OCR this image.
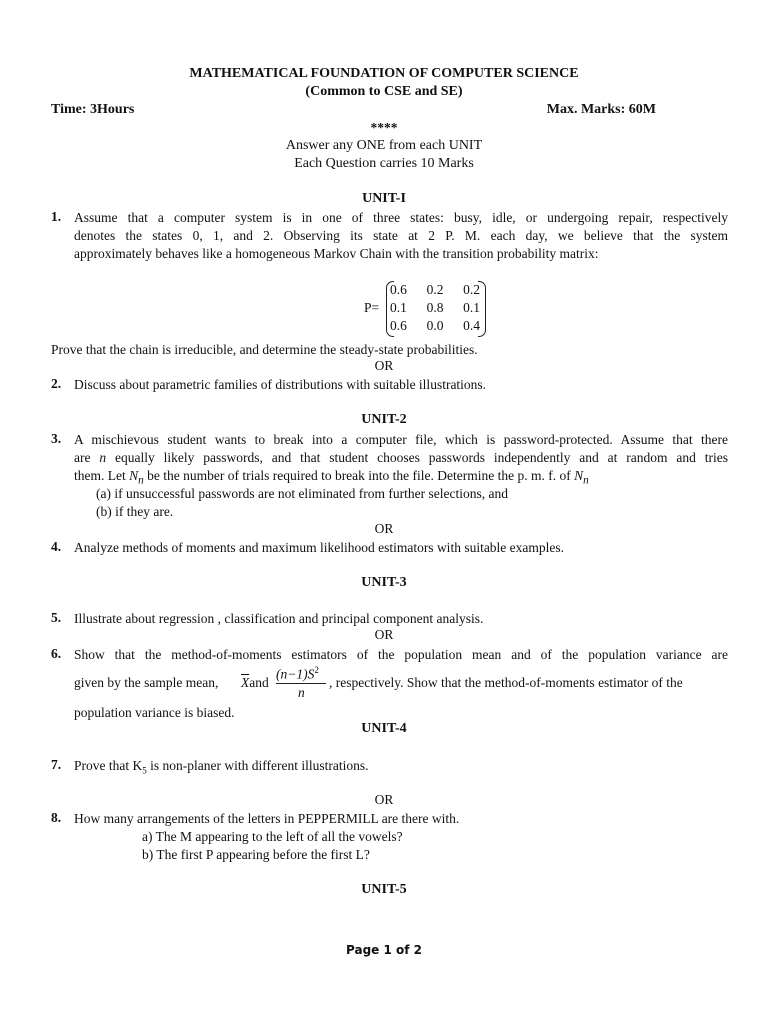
MATHEMATICAL FOUNDATION OF COMPUTER SCIENCE
(Common to CSE and SE)
Time: 3Hours	Max. Marks: 60M
****
Answer any ONE from each UNIT
Each Question carries 10 Marks
UNIT-I
1. Assume that a computer system is in one of three states: busy, idle, or undergoing repair, respectively
denotes the states 0, 1, and 2. Observing its state at 2 P. M. each day, we believe that the system
approximately behaves like a homogeneous Markov Chain with the transition probability matrix:
P=
0.6 0.2 0.2
0.1 0.8 0.1
0.6 0.0 0.4
Prove that the chain is irreducible, and determine the steady-state probabilities.
OR
2. Discuss about parametric families of distributions with suitable illustrations.
UNIT-2
3. A mischievous student wants to break into a computer file, which is password-protected. Assume that there
are n equally likely passwords, and that student chooses passwords independently and at random and tries
them. Let $N_n$ be the number of trials required to break into the file. Determine the p. m. f. of $N_n$
(a) if unsuccessful passwords are not eliminated from further selections, and
(b) if they are.
OR
4. Analyze methods of moments and maximum likelihood estimators with suitable examples.
UNIT-3
5. Illustrate about regression , classification and principal component analysis.
OR
6. Show that the method-of-moments estimators of the population mean and of the population variance are
given by the sample mean, $\overline{X}and$
$(n-1)S^2$
n
, respectively. Show that the method-of-moments estimator of the
population variance is biased.
UNIT-4
7. Prove that $K_5$ is non-planer with different illustrations.
OR
8. How many arrangements of the letters in PEPPERMILL are there with.
a) The M appearing to the left of all the vowels?
b) The first P appearing before the first L?
UNIT-5
Page 1 of 2
